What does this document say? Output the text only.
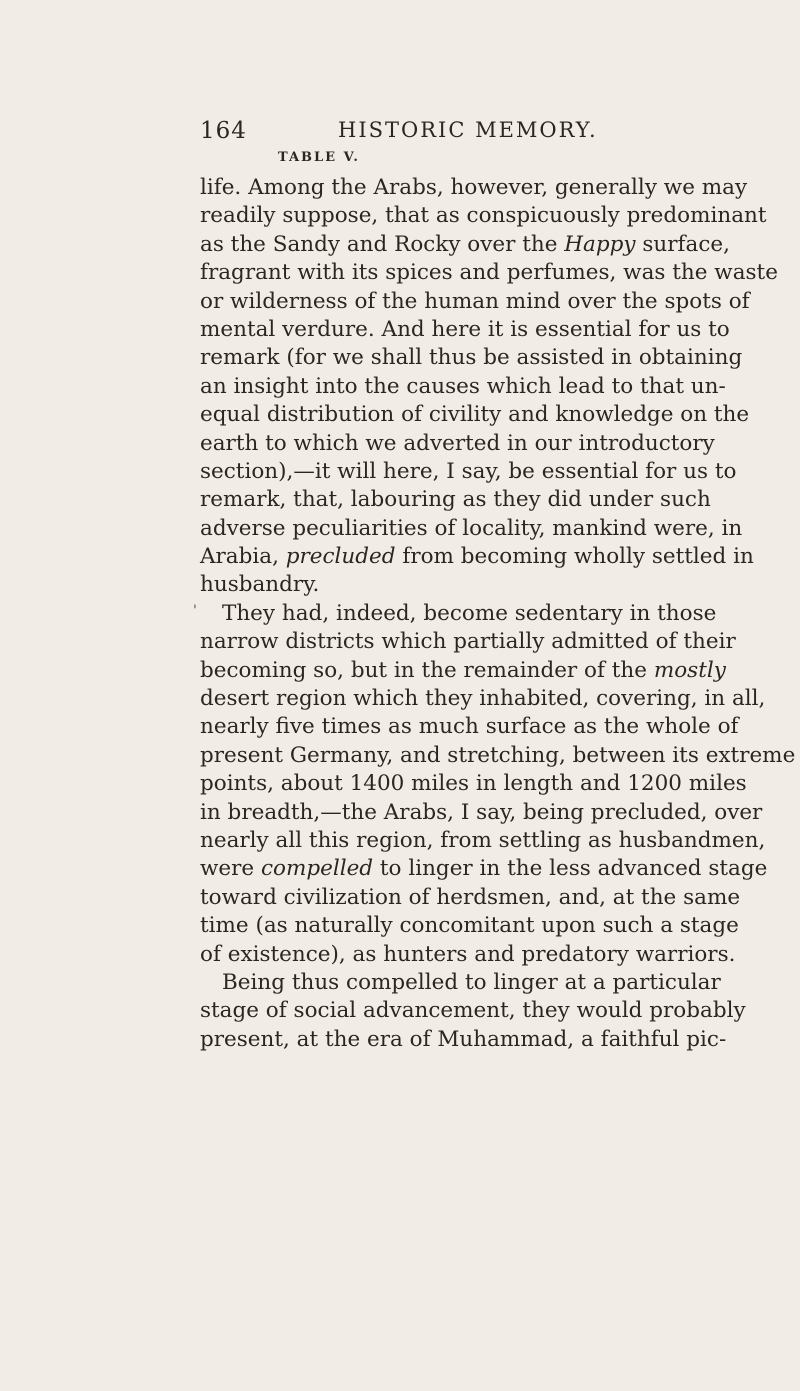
164	HISTORIC MEMORY.
TABLE V.
'
life. Among the Arabs, however, generally we may
readily suppose, that as conspicuously predominant
as the Sandy and Rocky over the Happy surface,
fragrant with its spices and perfumes, was the waste
or wilderness of the human mind over the spots of
mental verdure. And here it is essential for us to
remark (for we shall thus be assisted in obtaining
an insight into the causes which lead to that un-
equal distribution of civility and knowledge on the
earth to which we adverted in our introductory
section),—it will here, I say, be essential for us to
remark, that, labouring as they did under such
adverse peculiarities of locality, mankind were, in
Arabia, precluded from becoming wholly settled in
husbandry.
They had, indeed, become sedentary in those
narrow districts which partially admitted of their
becoming so, but in the remainder of the mostly
desert region which they inhabited, covering, in all,
nearly five times as much surface as the whole of
present Germany, and stretching, between its extreme
points, about 1400 miles in length and 1200 miles
in breadth,—the Arabs, I say, being precluded, over
nearly all this region, from settling as husbandmen,
were compelled to linger in the less advanced stage
toward civilization of herdsmen, and, at the same
time (as naturally concomitant upon such a stage
of existence), as hunters and predatory warriors.
Being thus compelled to linger at a particular
stage of social advancement, they would probably
present, at the era of Muhammad, a faithful pic-
